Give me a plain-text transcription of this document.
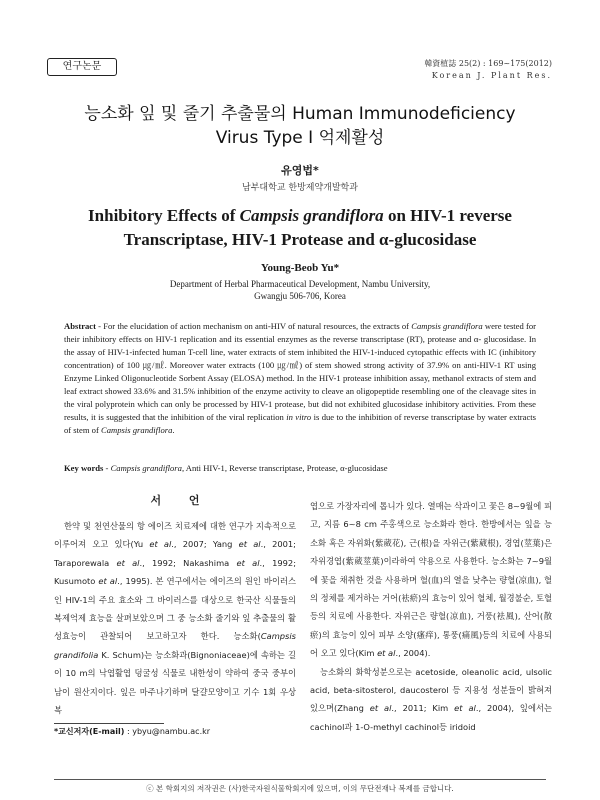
연구논문	韓資植誌 25(2) : 169~175(2012)
Korean J. Plant Res.
능소화 잎 및 줄기 추출물의 Human Immunodeficiency
Virus Type Ⅰ 억제활성
유영법*
남부대학교 한방제약개발학과
Inhibitory Effects of Campsis grandiflora on HIV-1 reverse
Transcriptase, HIV-1 Protease and α-glucosidase
Young-Beob Yu*
Department of Herbal Pharmaceutical Development, Nambu University,
Gwangju 506-706, Korea

Abstract - For the elucidation of action mechanism on anti-HIV of natural resources, the extracts of Campsis grandiflora were tested for their inhibitory effects on HIV-1 replication and its essential enzymes as the reverse transcriptase (RT), protease and α- glucosidase. In the assay of HIV-1-infected human T-cell line, water extracts of stem inhibited the HIV-1-induced cytopathic effects with IC (inhibitory concentration) of 100 ㎍/㎖. Moreover water extracts (100 ㎍/㎖) of stem showed strong activity of 37.9% on anti-HIV-1 RT using Enzyme Linked Oligonucleotide Sorbent Assay (ELOSA) method. In the HIV-1 protease inhibition assay, methanol extracts of stem and leaf extract showed 33.6% and 31.5% inhibition of the enzyme activity to cleave an oligopeptide resembling one of the cleavage sites in the viral polyprotein which can only be processed by HIV-1 protease, but did not exhibited glucosidase inhibitory activities. From these results, it is suggested that the inhibition of the viral replication in vitro is due to the inhibition of reverse transcriptase by water extracts of stem of Campsis grandiflora.

Key words - Campsis grandiflora, Anti HIV-1, Reverse transcriptase, Protease, α-glucosidase
서 언

한약 및 천연산물의 항 에이즈 치료제에 대한 연구가 지속적으로 이루어져 오고 있다(Yu et al., 2007; Yang et al., 2001; Taraporewala et al., 1992; Nakashima et al., 1992; Kusumoto et al., 1995). 본 연구에서는 에이즈의 원인 바이러스인 HIV-1의 주요 효소와 그 바이러스를 대상으로 한국산 식물들의 복제억제 효능을 살펴보았으며 그 중 능소화 줄기와 잎 추출물의 활성효능이 관찰되어 보고하고자 한다. 능소화(Campsis grandifolia K. Schum)는 능소화과(Bignoniaceae)에 속하는 길이 10 m의 낙엽활엽 덩굴성 식물로 내한성이 약하여 중국 중부이남이 원산지이다. 잎은 마주나기하며 달걀모양이고 기수 1회 우상복

엽으로 가장자리에 톱니가 있다. 열매는 삭과이고 꽃은 8~9월에 피고, 지름 6~8 cm 주홍색으로 능소화라 한다. 한방에서는 잎을 능소화 혹은 자위화(紫葳花), 근(根)을 자위근(紫葳根), 경엽(莖葉)은 자위경엽(紫葳莖葉)이라하여 약용으로 사용한다. 능소화는 7~9월에 꽃을 채취한 것을 사용하며 혈(血)의 열을 낮추는 량혈(凉血), 혈의 정체를 제거하는 거어(袪瘀)의 효능이 있어 혈체, 월경불순, 토혈 등의 치료에 사용한다. 자위근은 량혈(凉血), 거풍(袪風), 산어(散瘀)의 효능이 있어 피부 소양(瘙痒), 통풍(痛風)등의 치료에 사용되어 오고 있다(Kim et al., 2004).

능소화의 화학성분으로는 acetoside, oleanolic acid, ulsolic acid, beta-sitosterol, daucosterol 등 지용성 성분들이 밝혀져 있으며(Zhang et al., 2011; Kim et al., 2004), 잎에서는 cachinol과 1-O-methyl cachinol등 iridoid

*교신저자(E-mail) : ybyu@nambu.ac.kr
ⓒ 본 학회지의 저작권은 (사)한국자원식물학회지에 있으며, 이의 무단전재나 복제를 금합니다.
